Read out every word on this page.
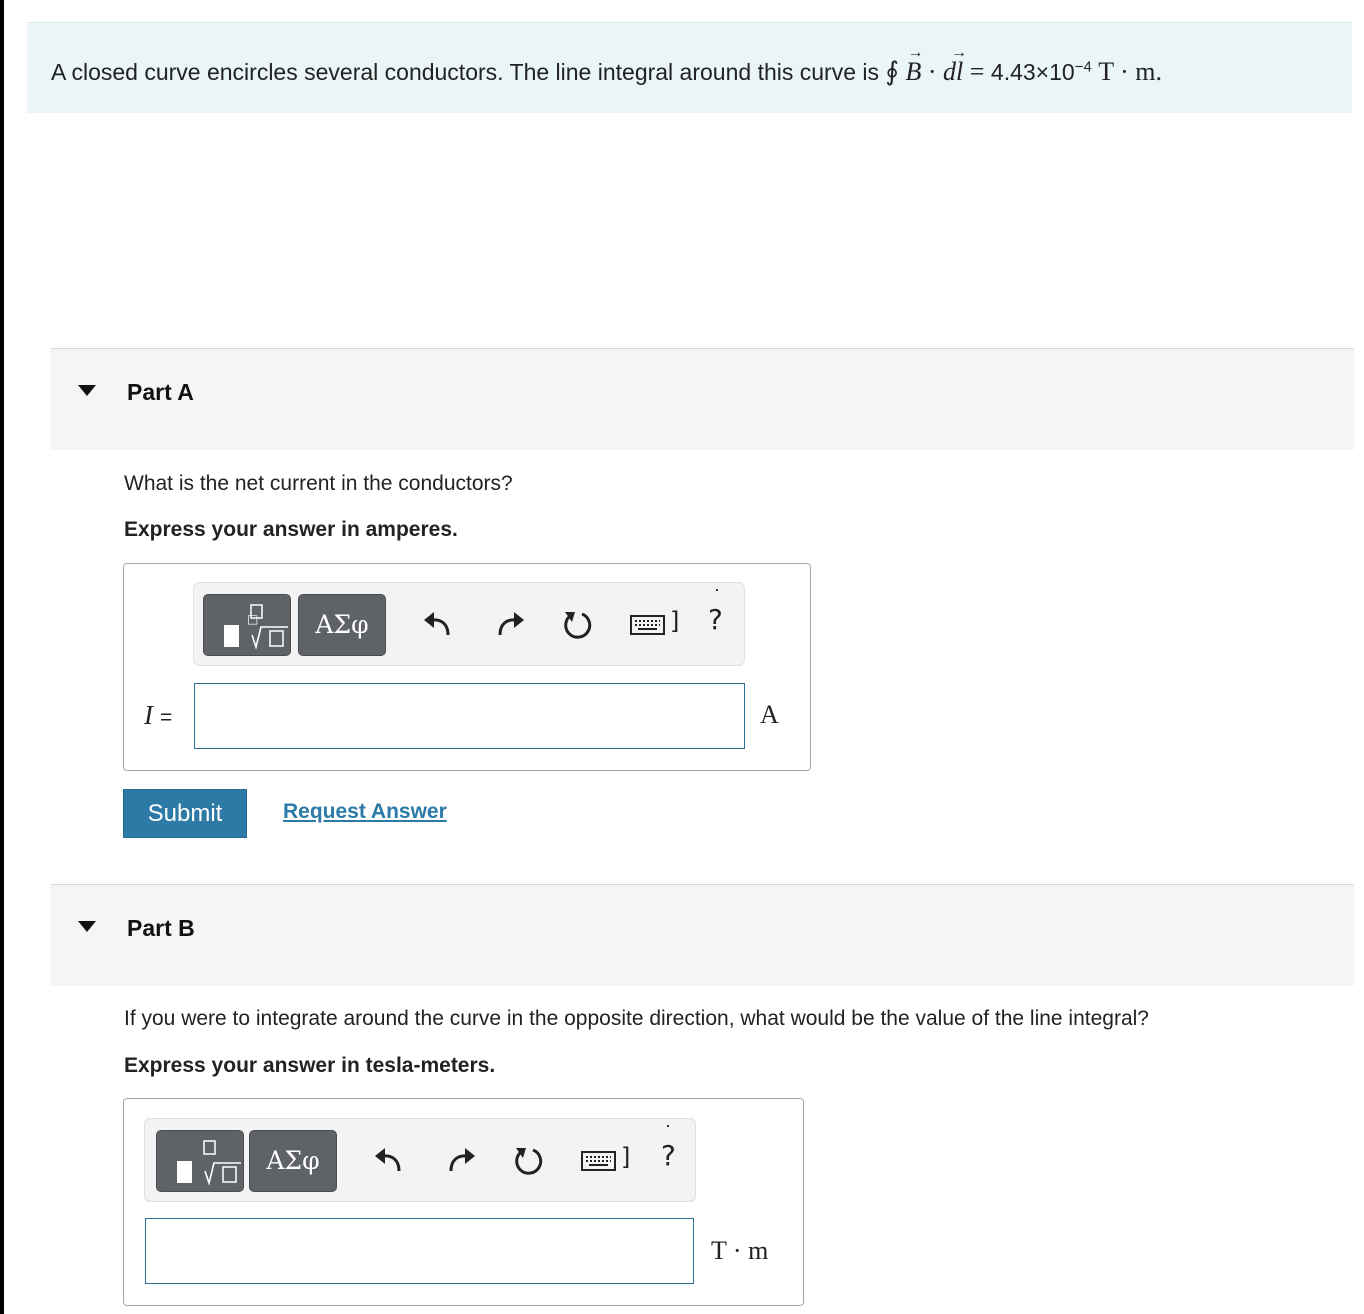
A closed curve encircles several conductors. The line integral around this curve is ∮ B
→
· dl
→
= $4.43\times 10^{-4}$ T · m.
Part A
What is the net current in the conductors?
Express your answer in amperes.
□	ΑΣφ	] ?
I =	A
Submit	Request Answer
Part B
If you were to integrate around the curve in the opposite direction, what would be the value of the line integral?
Express your answer in tesla-meters.
ΑΣφ	] ?
T · m
